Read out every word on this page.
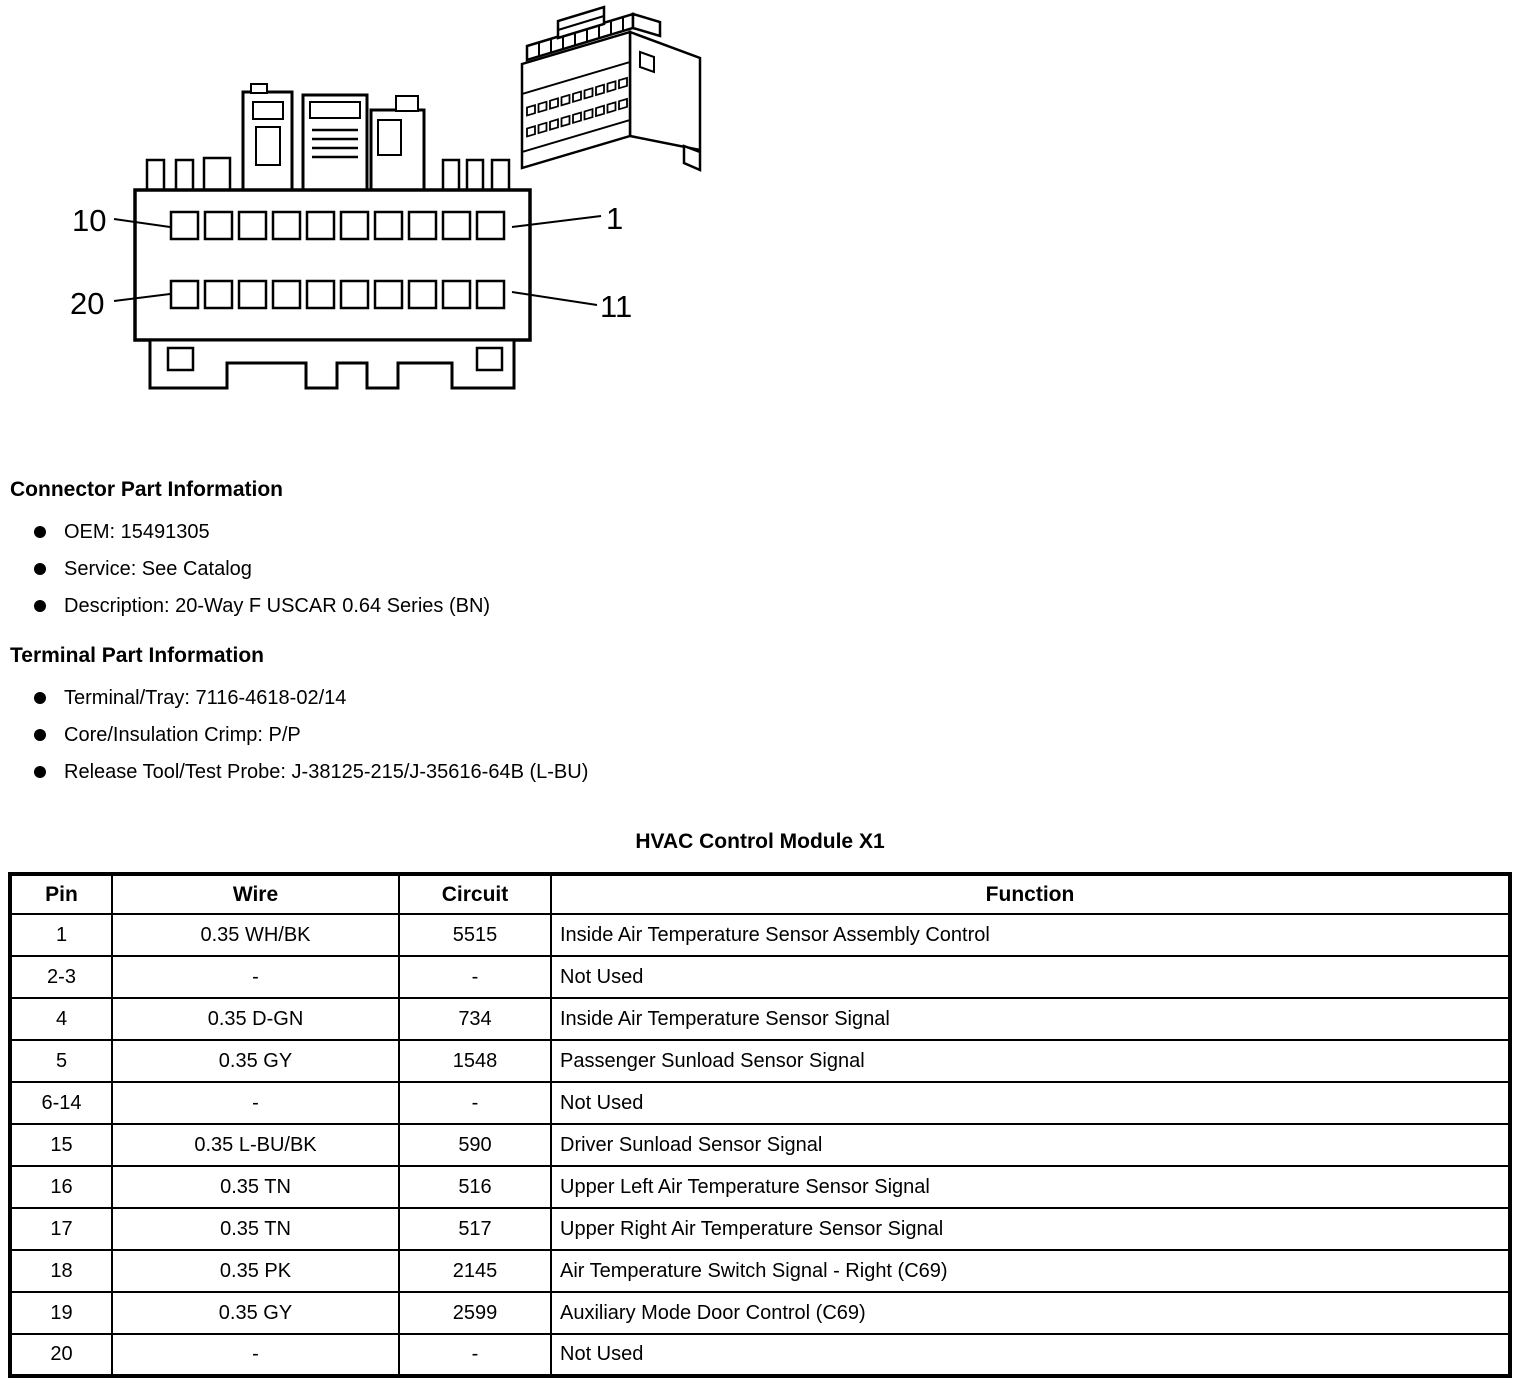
10	1
20	11
Connector Part Information
OEM: 15491305
Service: See Catalog
Description: 20-Way F USCAR 0.64 Series (BN)
Terminal Part Information
Terminal/Tray: 7116-4618-02/14
Core/Insulation Crimp: P/P
Release Tool/Test Probe: J-38125-215/J-35616-64B (L-BU)
HVAC Control Module X1
Pin	Wire	Circuit	Function
1	0.35 WH/BK	5515	Inside Air Temperature Sensor Assembly Control
2-3	-	-	Not Used
4	0.35 D-GN	734	Inside Air Temperature Sensor Signal
5	0.35 GY	1548	Passenger Sunload Sensor Signal
6-14	-	-	Not Used
15	0.35 L-BU/BK	590	Driver Sunload Sensor Signal
16	0.35 TN	516	Upper Left Air Temperature Sensor Signal
17	0.35 TN	517	Upper Right Air Temperature Sensor Signal
18	0.35 PK	2145	Air Temperature Switch Signal - Right (C69)
19	0.35 GY	2599	Auxiliary Mode Door Control (C69)
20	-	-	Not Used
